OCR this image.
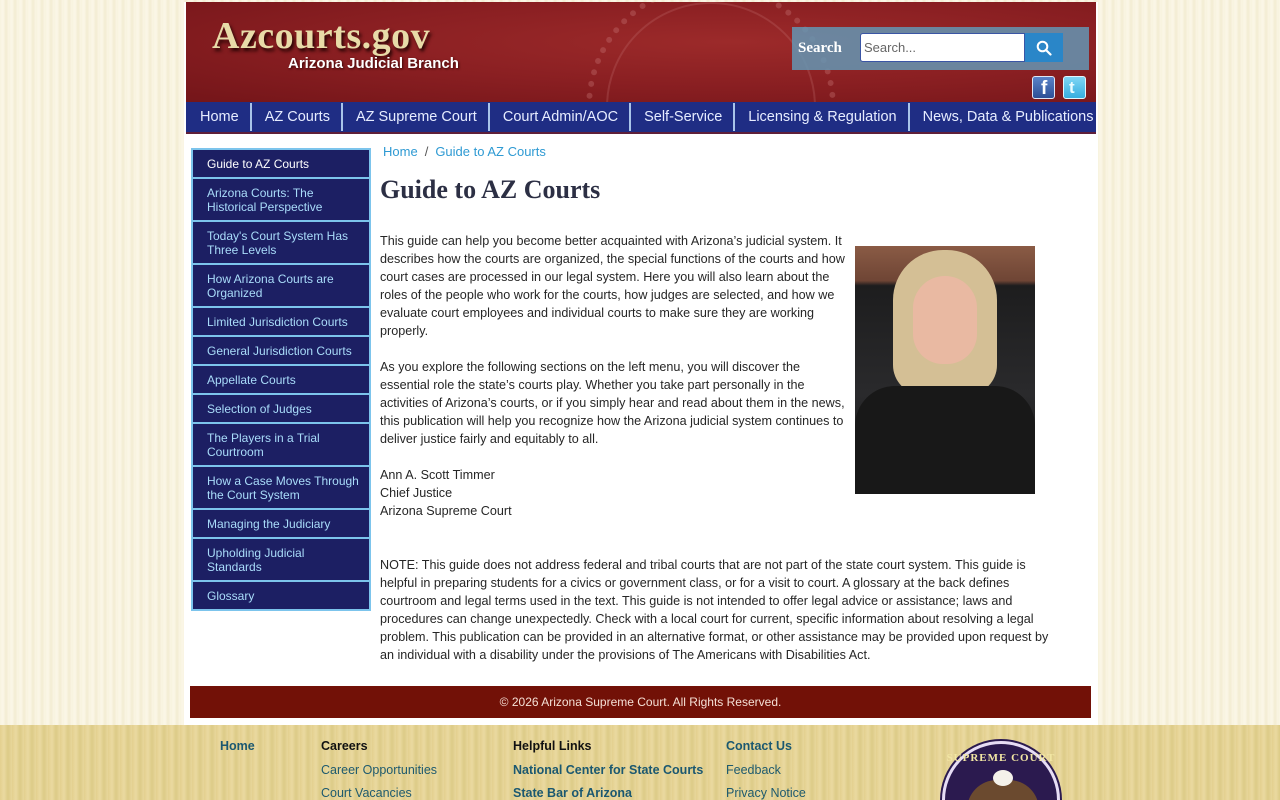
Azcourts.gov
Arizona Judicial Branch
Search
Search...
f t
Home	AZ Courts	AZ Supreme Court	Court Admin/AOC	Self-Service	Licensing & Regulation	News, Data & Publications
Guide to AZ Courts
Arizona Courts: The Historical Perspective
Today's Court System Has Three Levels
How Arizona Courts are Organized
Limited Jurisdiction Courts
General Jurisdiction Courts
Appellate Courts
Selection of Judges
The Players in a Trial Courtroom
How a Case Moves Through the Court System
Managing the Judiciary
Upholding Judicial Standards
Glossary
Home / Guide to AZ Courts
Guide to AZ Courts

This guide can help you become better acquainted with Arizona’s judicial system. It describes how the courts are organized, the special functions of the courts and how court cases are processed in our legal system. Here you will also learn about the roles of the people who work for the courts, how judges are selected, and how we evaluate court employees and individual courts to make sure they are working properly.

As you explore the following sections on the left menu, you will discover the essential role the state’s courts play. Whether you take part personally in the activities of Arizona’s courts, or if you simply hear and read about them in the news, this publication will help you recognize how the Arizona judicial system continues to deliver justice fairly and equitably to all.

Ann A. Scott Timmer
Chief Justice
Arizona Supreme Court

NOTE: This guide does not address federal and tribal courts that are not part of the state court system. This guide is helpful in preparing students for a civics or government class, or for a visit to court. A glossary at the back defines courtroom and legal terms used in the text. This guide is not intended to offer legal advice or assistance; laws and procedures can change unexpectedly. Check with a local court for current, specific information about resolving a legal problem. This publication can be provided in an alternative format, or other assistance may be provided upon request by an individual with a disability under the provisions of The Americans with Disabilities Act.

© 2026 Arizona Supreme Court. All Rights Reserved.
Home	Careers
Career Opportunities
Court Vacancies
Helpful Links
National Center for State Courts
State Bar of Arizona
Contact Us
Feedback
Privacy Notice
SUPREME COURT
